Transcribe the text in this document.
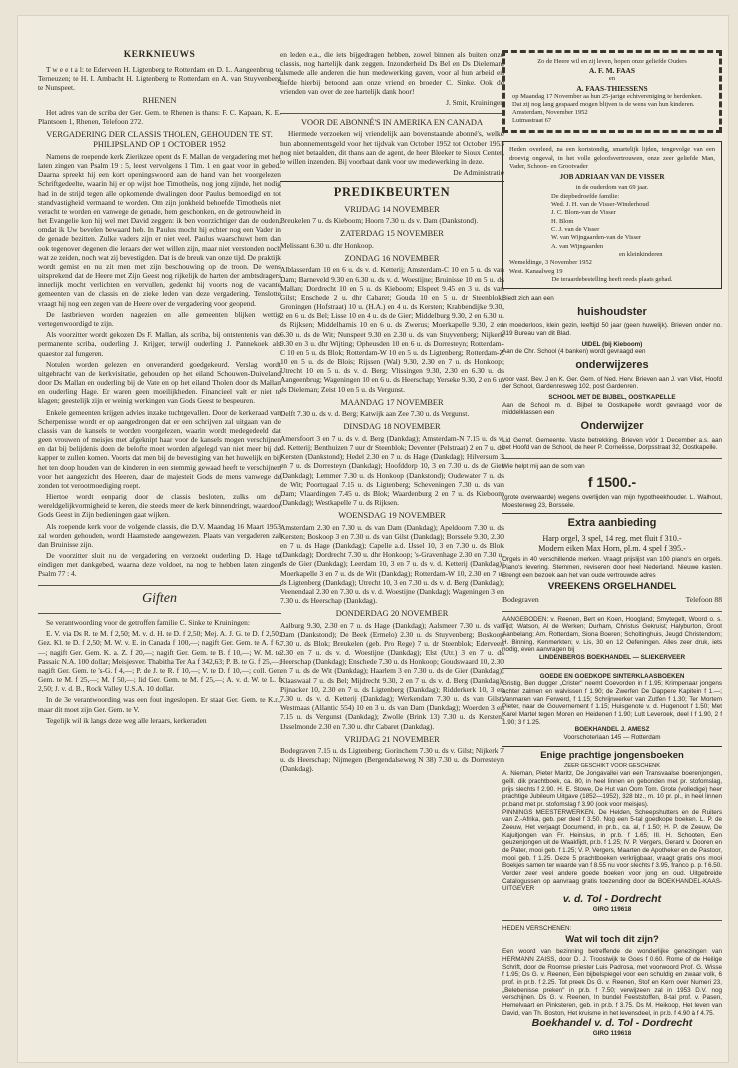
KERKNIEUWS

T w e e t a l: te Ederveen H. Ligtenberg te Rotterdam en D. L. Aangeenbrug te Terneuzen; te H. I. Ambacht H. Ligtenberg te Rotterdam en A. van Stuyvenberg te Nunspeet.

RHENEN

Het adres van de scriba der Ger. Gem. te Rhenen is thans: F. C. Kapaan, K. E. Plantsoen 1, Rhenen, Telefoon 272.

VERGADERING DER CLASSIS THOLEN, GEHOUDEN TE ST. PHILIPSLAND OP 1 OCTOBER 1952

Namens de roepende kerk Zierikzee opent ds F. Mallan de vergadering met het laten zingen van Psalm 19 : 5, leest vervolgens 1 Tim. 1 en gaat voor in gebed. Daarna spreekt hij een kort openingswoord aan de hand van het voorgelezen Schriftgedeelte, waarin hij er op wijst hoe Timotheüs, nog jong zijnde, het nodig had in de strijd tegen alle opkomende dwalingen door Paulus bemoedigd en tot standvastigheid vermaand te worden. Om zijn jonkheid behoefde Timotheüs niet veracht te worden en vanwege de genade, hem geschonken, en de getrouwheid in het Evangelie kon hij wel met David zeggen: ik ben voorzichtiger dan de ouden, omdat ik Uw bevelen bewaard heb. In Paulus mocht hij echter nog een Vader in de genade bezitten. Zulke vaders zijn er niet veel. Paulus waarschuwt hem dan ook tegenover degenen die leraars der wet willen zijn, maar niet verstonden noch wat ze zeiden, noch wat zij bevestigden. Dat is de breuk van onze tijd. De praktijk wordt gemist en nu zit men met zijn beschouwing op de troon. De wens uitsprekend dat de Heere met Zijn Geest nog rijkelijk de harten der ambtsdragers innerlijk mocht verlichten en vervullen, gedenkt hij voorts nog de vacante gemeenten van de classis en de zieke leden van deze vergadering. Tenslotte vraagt hij nog een zegen van de Heere over de vergadering voor geopend.

De lastbrieven worden nagezien en alle gemeenten blijken wettig vertegenwoordigd te zijn.

Als voorzitter wordt gekozen Ds F. Mallan, als scriba, bij ontstentenis van de permanente scriba, ouderling J. Krijger, terwijl ouderling J. Pannekoek als quaestor zal fungeren.

Notulen worden gelezen en onveranderd goedgekeurd. Verslag wordt uitgebracht van de kerkvisitatie, gehouden op het eiland Schouwen-Duiveland door Ds Mallan en ouderling bij de Vate en op het eiland Tholen door ds Mallan en ouderling Hage. Er waren geen moeilijkheden. Financieel valt er niet te klagen; geestelijk zijn er weinig werkingen van Gods Geest te bespeuren.

Enkele gemeenten krijgen advies inzake tuchtgevallen. Door de kerkeraad van Scherpenisse wordt er op aangedrongen dat er een schrijven zal uitgaan van de classis van de kansels te worden voorgelezen, waarin wordt medegedeeld dat geen vrouwen of meisjes met afgeknipt haar voor de kansels mogen verschijnen en dat bij belijdenis doen de belofte moet worden afgelegd van niet meer bij de kapper te zullen komen. Voorts dat men bij de bevestiging van het huwelijk en bij het ten doop houden van de kinderen in een stemmig gewaad heeft te verschijnen voor het aangezicht des Heeren, daar de majesteit Gods de mens vanwege de zonden tot verootmoediging roept.

Hiertoe wordt eenparig door de classis besloten, zulks om de wereldgelijkvormigheid te keren, die steeds meer de kerk binnendringt, waardoor Gods Geest in Zijn bedieningen gaat wijken.

Als roepende kerk voor de volgende classis, die D.V. Maandag 16 Maart 1953 zal worden gehouden, wordt Haamstede aangewezen. Plaats van vergaderen zal dan Bruinisse zijn.

De voorzitter sluit nu de vergadering en verzoekt ouderling D. Hage te eindigen met dankgebed, waarna deze voldoet, na nog te hebben laten zingen Psalm 77 : 4.

Giften

Se verantwoording voor de getroffen familie C. Sinke te Kruiningen:

E. V. via Ds R. te M. f 2,50; M. v. d. H. te D. f 2,50; Mej. A. J. G. te D. f 2,50; Gez. Kl. te D. f 2,50; M. W. v. E. in Canada f 100,—; nagift Ger. Gem. te A. f 6,—; nagift Ger. Gem. K. a. Z. f 20,—; nagift Ger. Gem. te B. f 10,—; W. M. te Passaic N.A. 100 dollar; Meisjesver. Thabitha Ter Aa f 342,63; P. B. te G. f 25,—; nagift Ger. Gem. te 's-G. f 4,—; P. de J. te R. f 10,—; V. te D. f 10,—; coll. Ger. Gem. te M. f 25,—; M. f 50,—; lid Ger. Gem. te M. f 25,—; A. v. d. W. te L. f 2,50; J. v. d. B., Rock Valley U.S.A. 10 dollar.

In de 3e verantwoording was een fout ingeslopen. Er staat Ger. Gem. te K.r., maar dit moet zijn Ger. Gem. te V.

Tegelijk wil ik langs deze weg alle leraars, kerkeraden

en leden e.a., die iets bijgedragen hebben, zowel binnen als buiten onze classis, nog hartelijk dank zeggen. Inzonderheid Ds Bel en Ds Dieleman, alsmede alle anderen die hun medewerking gaven, voor al hun arbeid en liefde hierbij betoond aan onze vriend en broeder C. Sinke. Ook de vrienden van over de zee hartelijk dank hoor!

J. Smit, Kruiningen

VOOR DE ABONNÉ'S IN AMERIKA EN CANADA

Hiermede verzoeken wij vriendelijk aan bovenstaande abonné's, welke hun abonnementsgeld voor het tijdvak van October 1952 tot October 1953 nog niet betaalden, dit thans aan de agent, de heer Bleeker te Sioux Center, te willen inzenden. Bij voorbaat dank voor uw medewerking in deze.

De Administratie

PREDIKBEURTEN
VRIJDAG 14 NOVEMBER

Breukelen 7 u. ds Kieboom; Hoorn 7.30 u. ds v. Dam (Dankstond).

ZATERDAG 15 NOVEMBER

Melissant 6.30 u. dhr Honkoop.

ZONDAG 16 NOVEMBER

Alblasserdam 10 en 6 u. ds v. d. Ketterij; Amsterdam-C 10 en 5 u. ds van Dam; Barneveld 9.30 en 6.30 u. ds v. d. Woestijne; Bruinisse 10 en 5 u. ds Mallan; Dordrecht 10 en 5 u. ds Kieboom; Elspeet 9.45 en 3 u. ds van Gilst; Enschede 2 u. dhr Cabaret; Gouda 10 en 5 u. dr Steenblok; Groningen (Hofstraat) 10 u. (H.A.) en 4 u. ds Kersten; Krabbendijke 9.30, 2 en 6 u. ds Bel; Lisse 10 en 4 u. ds de Gier; Middelburg 9.30, 2 en 6.30 u. ds Rijksen; Middelharnis 10 en 6 u. ds Zwerus; Moerkapelle 9.30, 2 en 6.30 u. ds de Wit; Nunspeet 9.30 en 2.30 u. ds van Stuyvenberg; Nijkerk 9.30 en 3 u. dhr Wijting; Opheusden 10 en 6 u. ds Dorresteyn; Rotterdam-C 10 en 5 u. ds Blok; Rotterdam-W 10 en 5 u. ds Ligtenberg; Rotterdam-Z 10 en 5 u. ds de Blois; Rijssen (Wal) 9.30, 2.30 en 7 u. ds Honkoop; Utrecht 10 en 5 u. ds v. d. Berg; Vlissingen 9.30, 2.30 en 6.30 u. ds Aangeenbrug; Wageningen 10 en 6 u. ds Heerschap; Yerseke 9.30, 2 en 6 u. ds Dieleman; Zeist 10 en 5 u. ds Vergunst.

MAANDAG 17 NOVEMBER

Delft 7.30 u. ds v. d. Berg; Katwijk aan Zee 7.30 u. ds Vergunst.

DINSDAG 18 NOVEMBER

Amersfoort 3 en 7 u. ds v. d. Berg (Dankdag); Amsterdam-N 7.15 u. ds v. d. Ketterij; Benthuizen 7 uur dr Steenblok; Deventer (Pelstraat) 2 en 7 u. ds Kersten (Dankstond); Hedel 2.30 en 7 u. ds Hage (Dankdag); Hilversum 3 en 7 u. ds Dorresteyn (Dankdag); Hoofddorp 10, 3 en 7.30 u. ds de Gier (Dankdag); Lemmer 7.30 u. ds Honkoop (Dankstond); Oudewater 7 u. ds de Wit; Poortugaal 7.15 u. ds Ligtenberg; Scheveningen 7.30 u. ds van Dam; Vlaardingen 7.45 u. ds Blok; Waardenburg 2 en 7 u. ds Kieboom (Dankdag); Westkapelle 7 u. ds Rijksen.

WOENSDAG 19 NOVEMBER

Amsterdam 2.30 en 7.30 u. ds van Dam (Dankdag); Apeldoorn 7.30 u. ds Kersten; Boskoop 3 en 7.30 u. ds van Gilst (Dankdag); Borssele 9.30, 2.30 en 7 u. ds Hage (Dankdag); Capelle a.d. IJssel 10, 3 en 7.30 u. ds Blok (Dankdag); Dordrecht 7.30 u. dhr Honkoop; 's-Gravenhage 2.30 en 7.30 u. ds de Gier (Dankdag); Leerdam 10, 3 en 7 u. ds v. d. Ketterij (Dankdag); Moerkapelle 3 en 7 u. ds de Wit (Dankdag); Rotterdam-W 10, 2.30 en 7 u. ds Ligtenberg (Dankdag); Utrecht 10, 3 en 7.30 u. ds v. d. Berg (Dankdag); Veenendaal 2.30 en 7.30 u. ds v. d. Woestijne (Dankdag); Wageningen 3 en 7.30 u. ds Heerschap (Dankdag).

DONDERDAG 20 NOVEMBER

Aalburg 9.30, 2.30 en 7 u. ds Hage (Dankdag); Aalsmeer 7.30 u. ds van Dam (Dankstond); De Beek (Ermelo) 2.30 u. ds Stuyvenberg; Boskoop 7.30 u. ds Blok; Breukelen (geb. Pro Rege) 7 u. dr Steenblok; Ederveen 2.30 en 7 u. ds v. d. Woestijne (Dankdag); Elst (Utr.) 3 en 7 u. ds Heerschap (Dankdag); Enschede 7.30 u. ds Honkoop; Goudswaard 10, 2.30 en 7 u. ds de Wit (Dankdag); Haarlem 3 en 7.30 u. ds de Gier (Dankdag); Klaaswaal 7 u. ds Bel; Mijdrecht 9.30, 2 en 7 u. ds v. d. Berg (Dankdag); Pijnacker 10, 2.30 en 7 u. ds Ligtenberg (Dankdag); Ridderkerk 10, 3 en 7.30 u. ds v. d. Ketterij (Dankdag); Werkendam 7.30 u. ds van Gilst; Westmaas (Allantic 554) 10 en 3 u. ds van Dam (Dankdag); Woerden 3 en 7.15 u. ds Vergunst (Dankdag); Zwolle (Brink 13) 7.30 u. ds Kersten; IJsselmonde 2.30 en 7.30 u. dhr Cabaret (Dankdag).

VRIJDAG 21 NOVEMBER

Bodegraven 7.15 u. ds Ligtenberg; Gorinchem 7.30 u. ds v. Gilst; Nijkerk 7 u. ds Heerschap; Nijmegen (Bergendalseweg N 38) 7.30 u. ds Dorresteyn (Dankdag).

Zo de Heere wil en zij leven, hopen onze geliefde Ouders
A. F. M. FAAS
en
A. FAAS-THIESSENS
op Maandag 17 November aa hun 25-jarige echtvereniging te herdenken.
Dat zij nog lang gespaard mogen blijven is de wens van hun kinderen.
Amsterdam, November 1952
Lutmastraat 67
Heden overleed, na een kortstondig, smartelijk lijden, tengevolge van een droevig ongeval, in het volle geloofsvertrouwen, onze zeer geliefde Man, Vader, Schoon- en Grootvader
JOB ADRIAAN VAN DE VISSER
in de ouderdom van 69 jaar.
De diepbedroefde familie:
Wed. J. H. van de Visser-Winderhoud
J. C. Blom-van de Visser
H. Blom
C. J. van de Visser
W. van Wijngaarden-van de Visser
A. van Wijngaarden
en kleinkinderen
Wemeldinge, 3 November 1952
West. Kanaalweg 19
De teraardebestelling heeft reeds plaats gehad.
Biedt zich aan een
huishoudster
in moederloos, klein gezin, leeftijd 50 jaar (geen huwelijk). Brieven onder no. 319 Bureau van dit Blad.
UIDEL (bij Kieboom)
Aan de Chr. School (4 banken) wordt gevraagd een
onderwijzeres
voor vast. Bev. J en K. Ger. Gem. of Ned. Herv. Brieven aan J. van Vliet, Hoofd der School, Gardenresweg 102, post Gardenren.
SCHOOL MET DE BIJBEL, OOSTKAPELLE
Aan de School m. d. Bijbel te Oostkapelle wordt gevraagd voor de middelklassen een
Onderwijzer
Lid Gerref. Gemeente. Vaste betrekking. Brieven vóór 1 December a.s. aan het Hoofd van de School, de heer P. Cornelisse, Dorpsstraat 32, Oostkapelle.
Wie helpt mij aan de som van
f 1500.-
(grote overwaarde) wegens overlijden van mijn hypotheekhouder. L. Walhout, Moesterweg 23, Borssele.
Extra aanbieding
Harp orgel, 3 spel, 14 reg. met fluit f 310.-
Modern eiken Max Horn, pl.m. 4 spel f 395.-
Orgels in 40 verschillende merken. Vraagt prijslijst van 100 piano's en orgels. Piano's levering. Stemmen, reviseren door heel Nederland. Nieuwe kasten. Brengt een bezoek aan het van oude vertrouwde adres
VREEKENS ORGELHANDEL
Bodegraven	Telefoon 88
AANGEBODEN: v. Reenen, Bert en Koen, Hoogland; Smytegelt, Woord o. s. Tijd; Watson, Al de Werken; Durham, Christus Gekruist; Halyburton, Groot Aanbelang; Am. Rotterdam, Siona Boeren; Scholtinghuis, Jeugd Christendom; H. Binning, Kenmerkten; v. Lis, 30 en 12 Oefeningen. Alles zeer druk, iets nodig, even aanvragen bij
LINDENBERGS BOEKHANDEL — SLIEKERVEER
GOEDE EN GOEDKOPE SINTERKLAASBOEKEN
Gristig, Ben dugger „Crister" neemt Coevorden in f 1.95; Krimpenaar jongens achter zalmen en walvissen f 1.90; de Zwerfen De Dappere Kapitein f 1.—; Vanmaren van Ferwerd, f 1.15; Schrijnwerker van Zutfen f 1.30; Ter Mortem Pieter, naar de Gouvernement f 1.15; Huisgenote v. d. Hugenoot f 1.50; Met Karel Martel tegen Moren en Heidenen f 1.90; Lutt Leveroek, deel I f 1.90, 2 f 1.90; 3 f 1.25.
BOEKHANDEL J. AMESZ
Voorschoterlaan 145 — Rotterdam
Enige prachtige jongensboeken
ZEER GESCHIKT VOOR GESCHENK
A. Nieman, Pieter Maritz, De Jongavallei van een Transvaalse boerenjongen, geïll. dik prachtboek, ca. 80, in heel linnen en gebonden met pr. stofomslag, prijs slechts f 2.90. H. E. Stowe, De Hut van Oom Tom. Grote (volledige) heer prachtige Jubileum Uitgave (1852—1952), 328 blz., m. 10 pr. pl., in heel linnen pr.band met pr. stofomslag f 3.90 (ook voor meisjes).
PINNINGS MEESTERWERKEN. De Helden, Scheepshutters en de Ruiters van Z.-Afrika, geb. per deel f 3.50. Nog een 5-tal goedkope boeken. L. P. de Zeeuw, Het verjaagt Documend, in pr.b., ca. al, f 1.50; H. P. de Zeeuw, De Kajuitjongen van Fr. Heinsius, in pr.b. f 1.65; III. H. Schooten, Een geuzenjongen uit de Waakfijdt, pr.b. f 1.25; IV. P. Vergers, Gerard v. Dooren en de Pater, mooi geb. f 1.25; V. P. Vergers, Maarten de Apotheker en de Pastoor, mooi geb. f 1.25. Deze 5 prachtboeken verkrijgbaar, vraagt gratis ons mooi Boekjes samen ter waarde van f 8.55 nu voor slechts f 3.95, franco p. p. f 6.50. Verder zeer veel andere goede boeken voor jong en oud. Uitgebreide Catalogussen op aanvraag gratis toezending door de BOEKHANDEL-KAAS-UITGEVER
v. d. Tol - Dordrecht
GIRO 119618
HEDEN VERSCHENEN:
Wat wil toch dit zijn?
Een woord van bezinning betreffende de wonderlijke genezingen van HERMANN ZAISS, door D. J. Troostwijk te Goes f 0.60. Rome of de Heilige Schrift, door de Roomse priester Luis Padrosa, met voorwoord Prof. G. Wisse f 1.95; Ds G. v. Reenen, Een bijbelspiegel voor een schuldig en zwaar volk, 6 prof. in pr.b. f 2.25. Tot preek Ds G. v. Reenen, Stof en Kern over Numeri 23, „Belebenisse preken" in pr.b. f 7.50; verwijzeen zal in 1953 D.V. nog verschijnen. Ds G. v. Reenen, In bundel Feeststoffen, 8-tal prof. v. Pasen, Hemelvaart en Pinksteren, geb. in pr.b. f 3.75. Ds M. Heikoop, Het leven van David, van Th. Boston, Het kruisme in het levensdeel, in pr.b. f 4.90 à f 4.75.
Boekhandel v. d. Tol - Dordrecht
GIRO 119618
